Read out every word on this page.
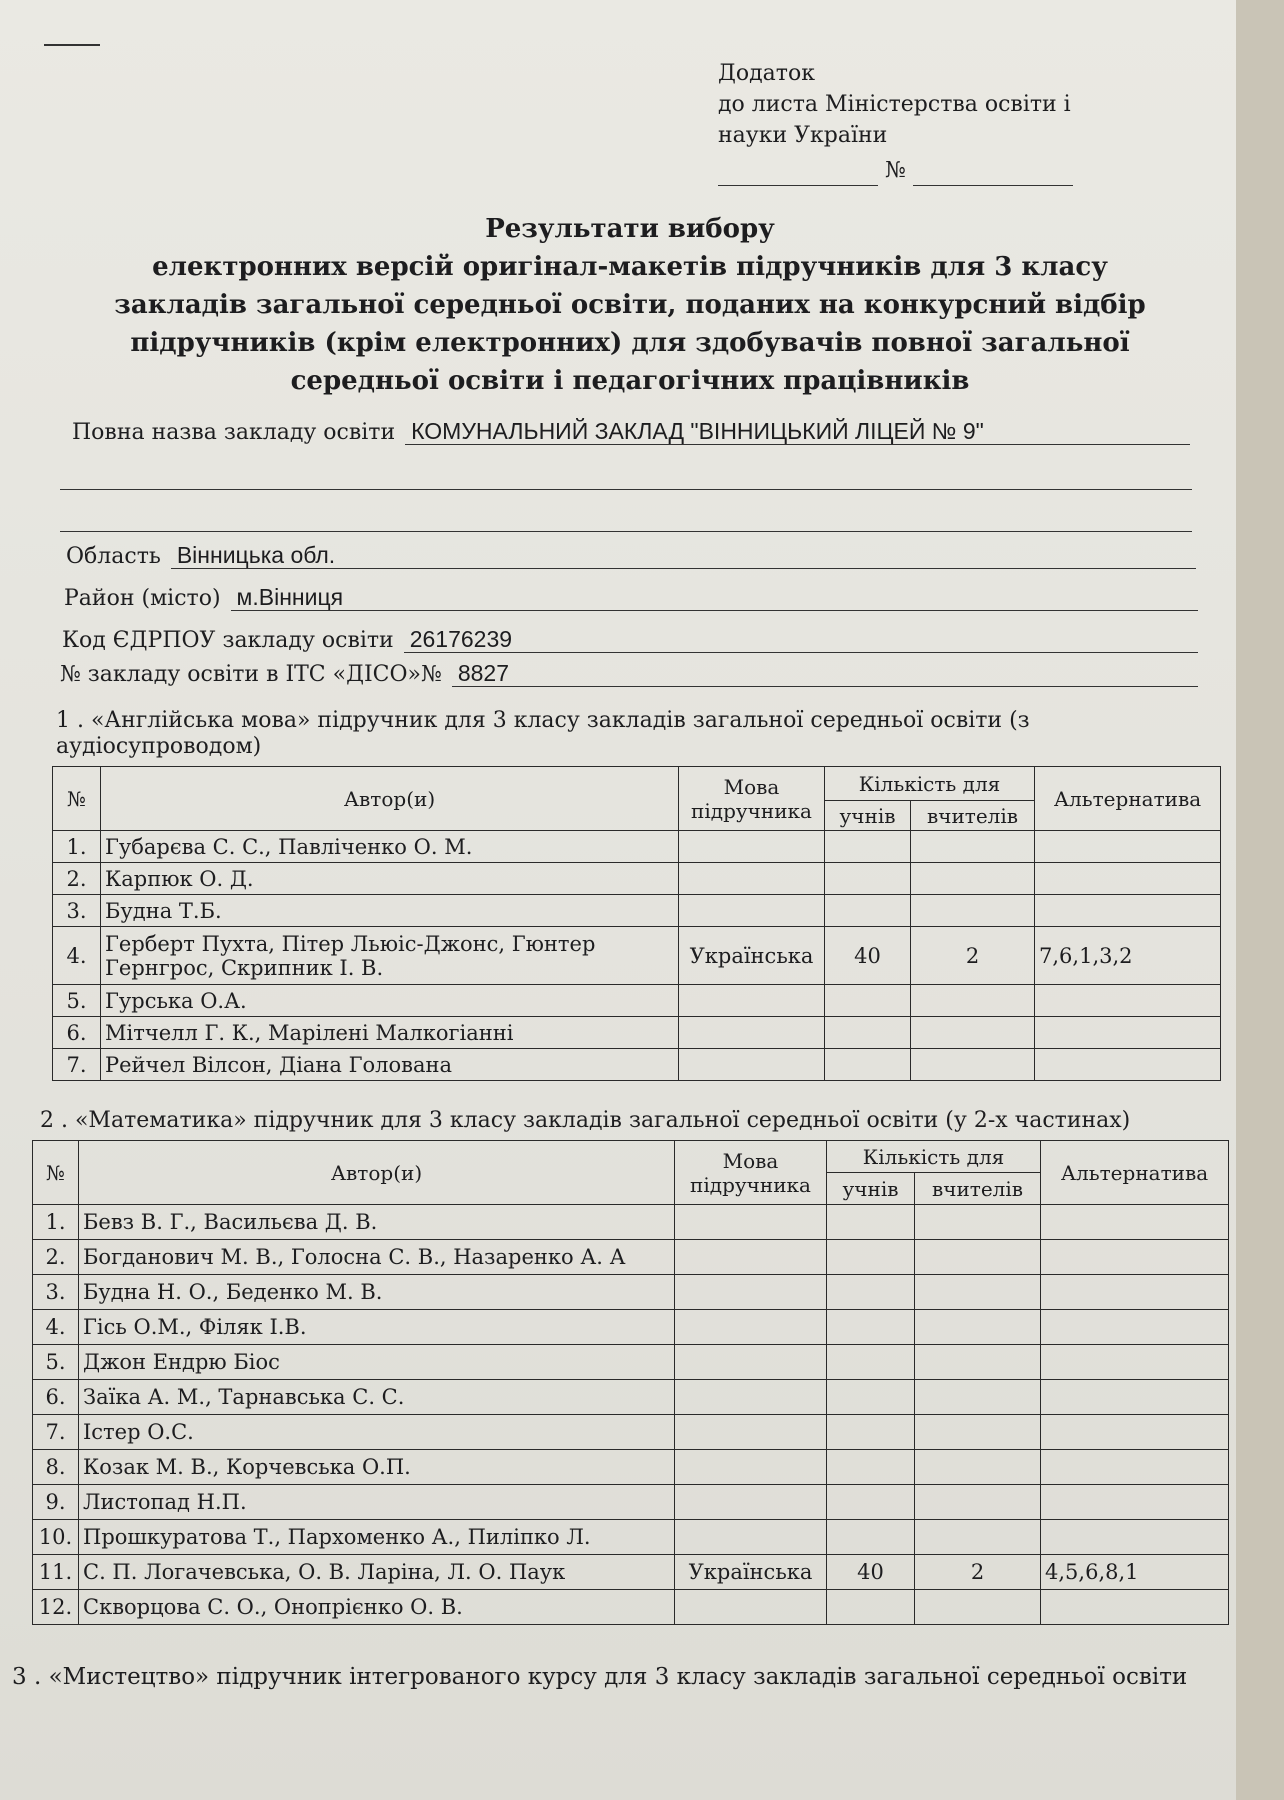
Додаток
до листа Міністерства освіти і
науки України
№
Результати вибору
електронних версій оригінал-макетів підручників для 3 класу
закладів загальної середньої освіти, поданих на конкурсний відбір
підручників (крім електронних) для здобувачів повної загальної
середньої освіти і педагогічних працівників
Повна назва закладу освіти КОМУНАЛЬНИЙ ЗАКЛАД "ВІННИЦЬКИЙ ЛІЦЕЙ № 9"
Область Вінницька обл.
Район (місто) м.Вінниця
Код ЄДРПОУ закладу освіти 26176239
№ закладу освіти в ІТС «ДІСО»№ 8827
1 . «Англійська мова» підручник для 3 класу закладів загальної середньої освіти (з
аудіосупроводом)
№	Автор(и)	Мова підручника	Кількість для		Альтернатива
			учнів	вчителів	
1.	Губарєва С. С., Павліченко О. М.				
2.	Карпюк О. Д.				
3.	Будна Т.Б.				
4.	Герберт Пухта, Пітер Льюіс-Джонс, Гюнтер Гернгрос, Скрипник І. В.	Українська	40	2	7,6,1,3,2
5.	Гурська О.А.				
6.	Мітчелл Г. К., Марілені Малкогіанні				
7.	Рейчел Вілсон, Діана Голована				
2 . «Математика» підручник для 3 класу закладів загальної середньої освіти (у 2-х частинах)
№	Автор(и)	Мова підручника	Кількість для		Альтернатива
			учнів	вчителів	
1.	Бевз В. Г., Васильєва Д. В.				
2.	Богданович М. В., Голосна С. В., Назаренко А. А				
3.	Будна Н. О., Беденко М. В.				
4.	Гісь О.М., Філяк І.В.				
5.	Джон Ендрю Біос				
6.	Заїка А. М., Тарнавська С. С.				
7.	Істер О.С.				
8.	Козак М. В., Корчевська О.П.				
9.	Листопад Н.П.				
10.	Прошкуратова Т., Пархоменко А., Пиліпко Л.				
11.	С. П. Логачевська, О. В. Ларіна, Л. О. Паук	Українська	40	2	4,5,6,8,1
12.	Скворцова С. О., Онопрієнко О. В.				
3 . «Мистецтво» підручник інтегрованого курсу для 3 класу закладів загальної середньої освіти
